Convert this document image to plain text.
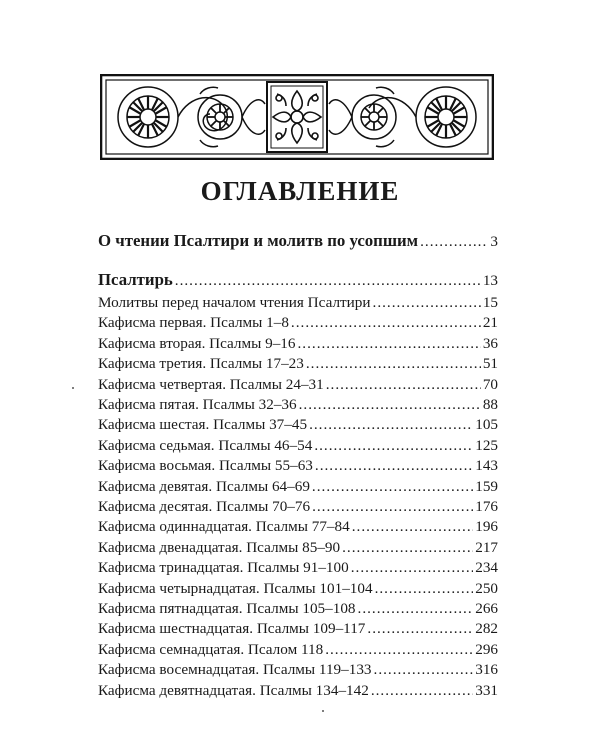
ОГЛАВЛЕНИЕ
О чтении Псалтири и молитв по усопшим .....	3
Псалтирь .....	13
Молитвы перед началом чтения Псалтири .....	15
Кафисма первая. Псалмы 1–8 .....	21
Кафисма вторая. Псалмы 9–16 .....	36
Кафисма третия. Псалмы 17–23 .....	51
Кафисма четвертая. Псалмы 24–31 .....	70
Кафисма пятая. Псалмы 32–36 .....	88
Кафисма шестая. Псалмы 37–45 .....	105
Кафисма седьмая. Псалмы 46–54 .....	125
Кафисма восьмая. Псалмы 55–63 .....	143
Кафисма девятая. Псалмы 64–69 .....	159
Кафисма десятая. Псалмы 70–76 .....	176
Кафисма одиннадцатая. Псалмы 77–84 .....	196
Кафисма двенадцатая. Псалмы 85–90 .....	217
Кафисма тринадцатая. Псалмы 91–100 .....	234
Кафисма четырнадцатая. Псалмы 101–104 .....	250
Кафисма пятнадцатая. Псалмы 105–108 .....	266
Кафисма шестнадцатая. Псалмы 109–117 .....	282
Кафисма семнадцатая. Псалом 118 .....	296
Кафисма восемнадцатая. Псалмы 119–133 .....	316
Кафисма девятнадцатая. Псалмы 134–142 .....	331
